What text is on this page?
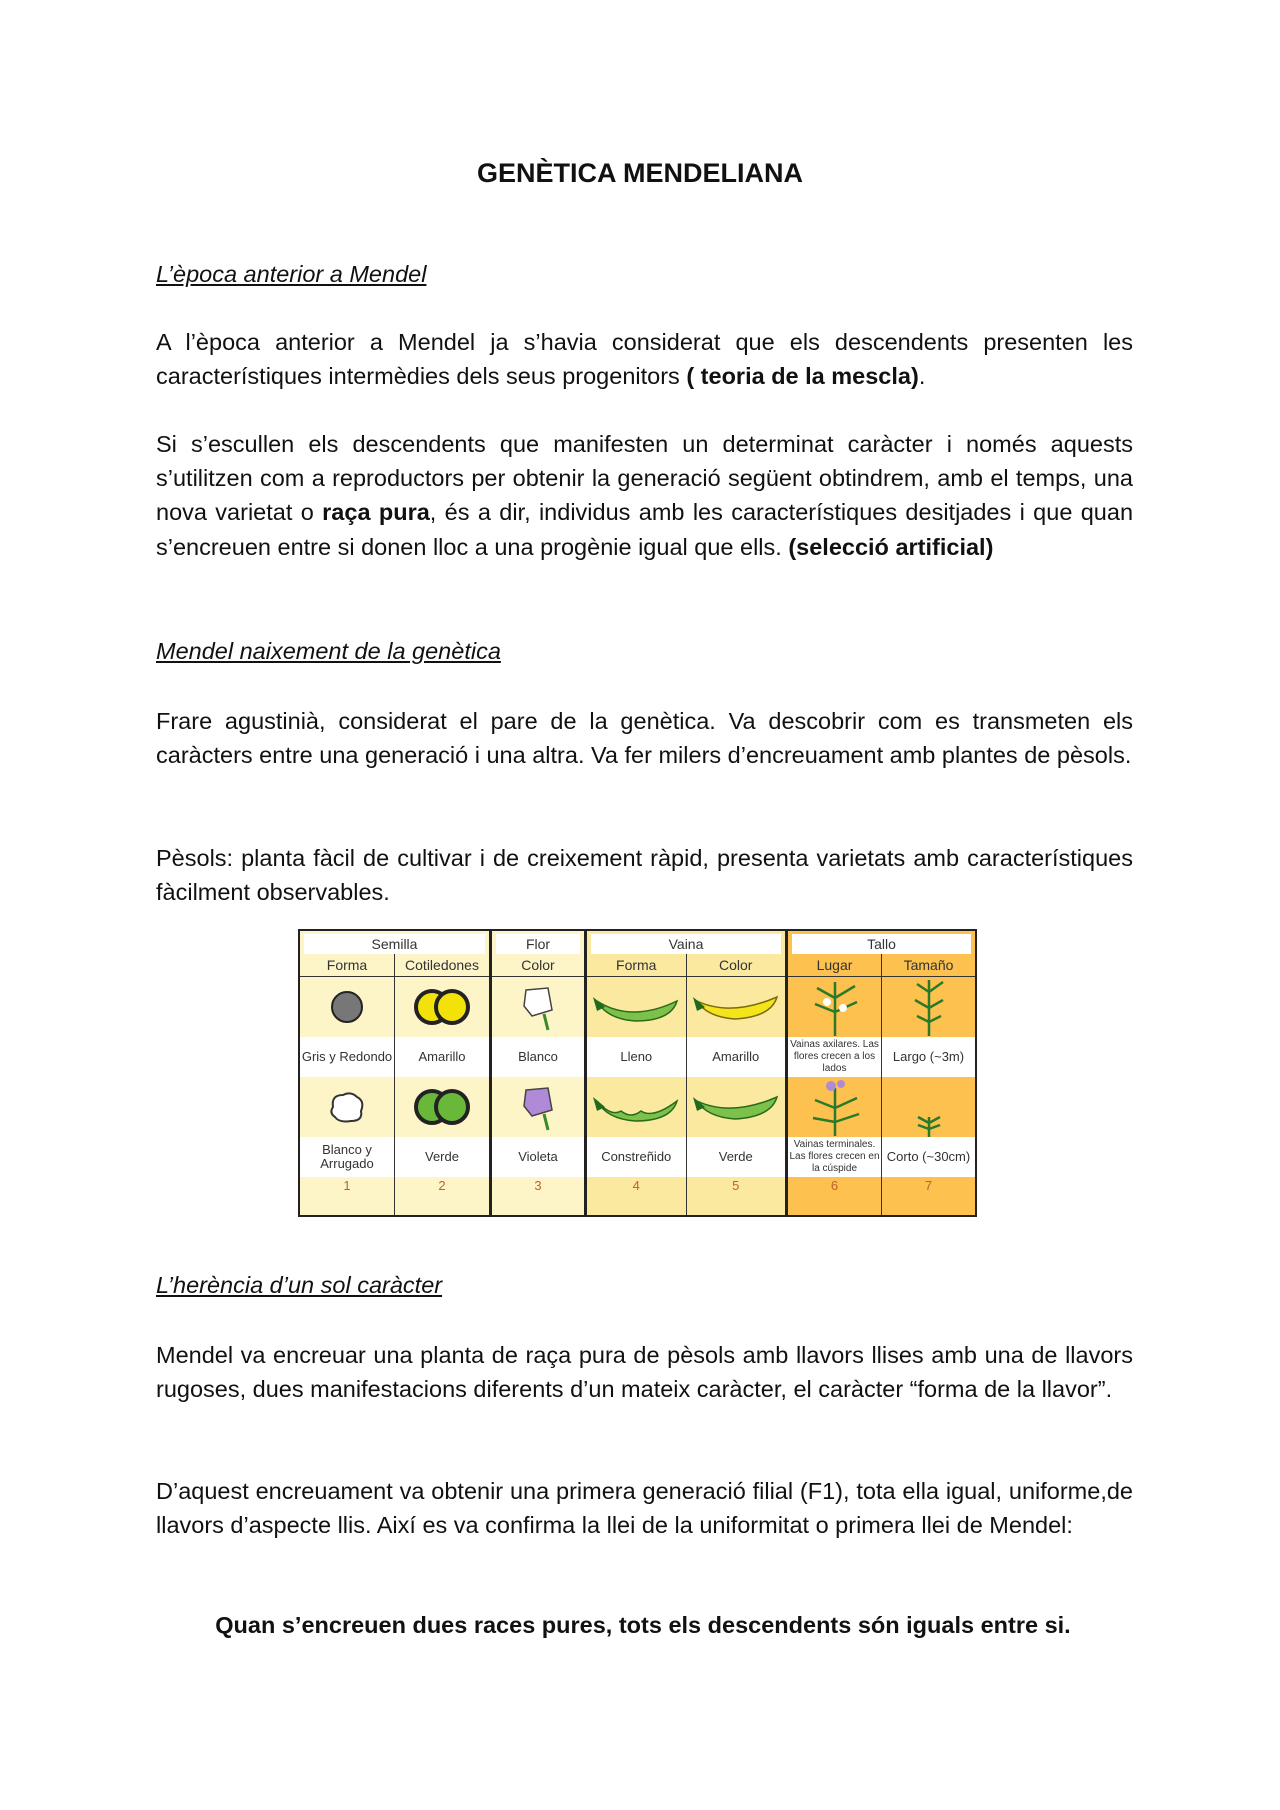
GENÈTICA MENDELIANA
L’època anterior a Mendel
A l’època anterior a Mendel ja s’havia considerat que els descendents presenten les característiques intermèdies dels seus progenitors ( teoria de la mescla).
Si s’escullen els descendents que manifesten un determinat caràcter i només aquests s’utilitzen com a reproductors per obtenir la generació següent obtindrem, amb el temps, una nova varietat o raça pura, és a dir, individus amb les característiques desitjades i que quan s’encreuen entre si donen lloc a una progènie igual que ells. (selecció artificial)
Mendel naixement de la genètica
Frare agustinià, considerat el pare de la genètica. Va descobrir com es transmeten els caràcters entre una generació i una altra. Va fer milers d’encreuament amb plantes de pèsols.
Pèsols: planta fàcil de cultivar i de creixement ràpid, presenta varietats amb característiques fàcilment observables.
Semilla
Forma
Gris y Redondo
Blanco y Arrugado
1
Cotiledones
Amarillo
Verde
2
Flor
Color
Blanco
Violeta
3
Vaina
Forma
Lleno
Constreñido
4
Color
Amarillo
Verde
5
Tallo
Lugar
Vainas axilares. Las flores crecen a los lados
Vainas terminales. Las flores crecen en la cúspide
6
Tamaño
Largo (~3m)
Corto (~30cm)
7
L’herència d’un sol caràcter
Mendel va encreuar una planta de raça pura de pèsols amb llavors llises amb una de llavors rugoses, dues manifestacions diferents d’un mateix caràcter, el caràcter “forma de la llavor”.
D’aquest encreuament va obtenir una primera generació filial (F1), tota ella igual, uniforme,de llavors d’aspecte llis. Així es va confirma la llei de la uniformitat o primera llei de Mendel:
Quan s’encreuen dues races pures, tots els descendents són iguals entre si.
